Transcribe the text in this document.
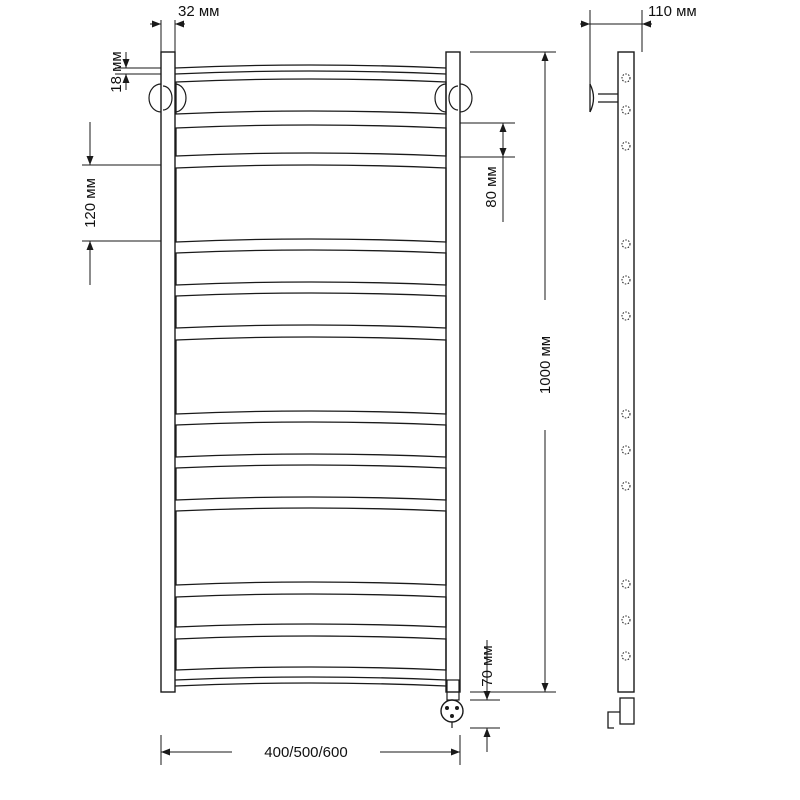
32 мм
18 мм
120 мм	80 мм
1000 мм
70 мм
400/500/600
110 мм
